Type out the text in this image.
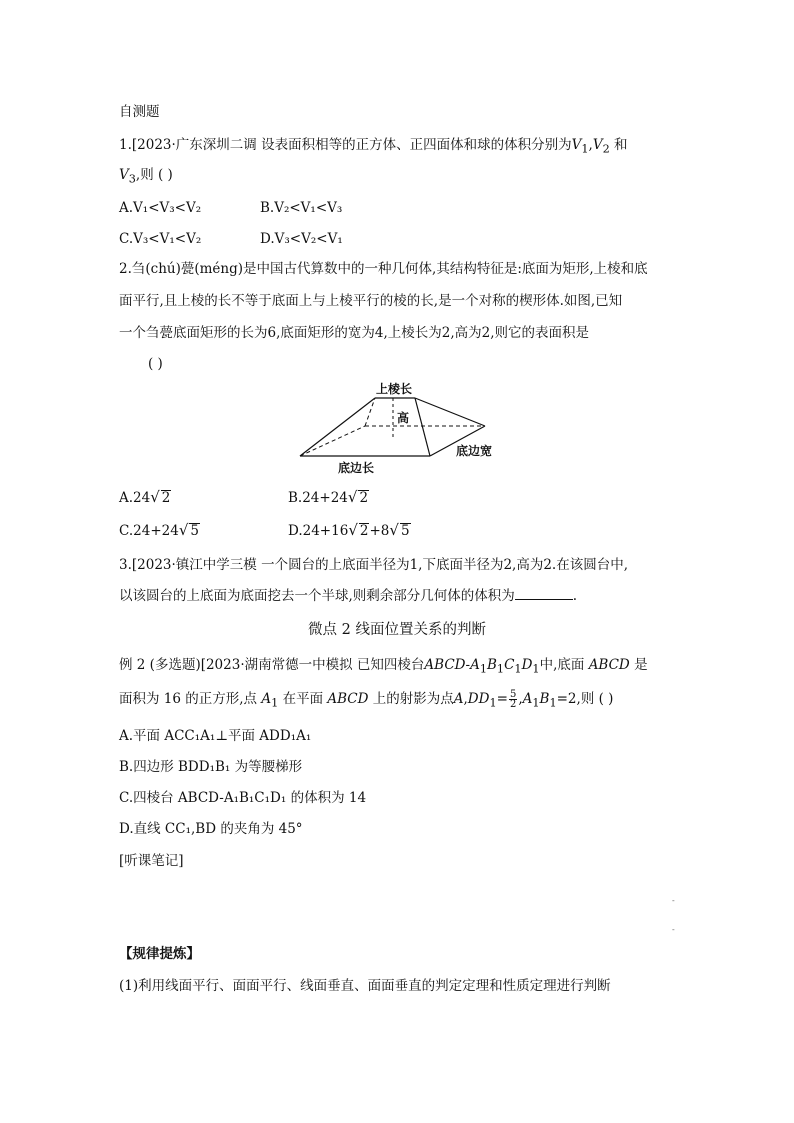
自测题
1.[2023·广东深圳二调 设表面积相等的正方体、正四面体和球的体积分别为$V_1,V_2$ 和
$V_3$,则 ( )
A.V₁<V₃<V₂	B.V₂<V₁<V₃
C.V₃<V₁<V₂	D.V₃<V₂<V₁
2.刍(chú)甍(méng)是中国古代算数中的一种几何体,其结构特征是:底面为矩形,上棱和底
面平行,且上棱的长不等于底面上与上棱平行的棱的长,是一个对称的楔形体.如图,已知
一个刍甍底面矩形的长为6,底面矩形的宽为4,上棱长为2,高为2,则它的表面积是
( )
上棱长
高
底边宽
底边长
A.24√ 2	B.24+24√ 2
C.24+24√ 5	D.24+16√ 2+8√ 5
3.[2023·镇江中学三模 一个圆台的上底面半径为1,下底面半径为2,高为2.在该圆台中,
以该圆台的上底面为底面挖去一个半球,则剩余部分几何体的体积为	.
微点 2 线面位置关系的判断
例 2 (多选题)[2023·湖南常德一中模拟 已知四棱台ABCD-$A_1B_1C_1D_1$中,底面 ABCD 是
面积为 16 的正方形,点 $A_1$ 在平面 ABCD 上的射影为点$A,DD_1= \frac{5}{2} ,A_1B_1=2$,则 ( )
A.平面 ACC₁A₁⊥平面 ADD₁A₁
B.四边形 BDD₁B₁ 为等腰梯形
C.四棱台 ABCD-A₁B₁C₁D₁ 的体积为 14
D.直线 CC₁,BD 的夹角为 45°
[听课笔记]
-
-
【规律提炼】
(1)利用线面平行、面面平行、线面垂直、面面垂直的判定定理和性质定理进行判断
